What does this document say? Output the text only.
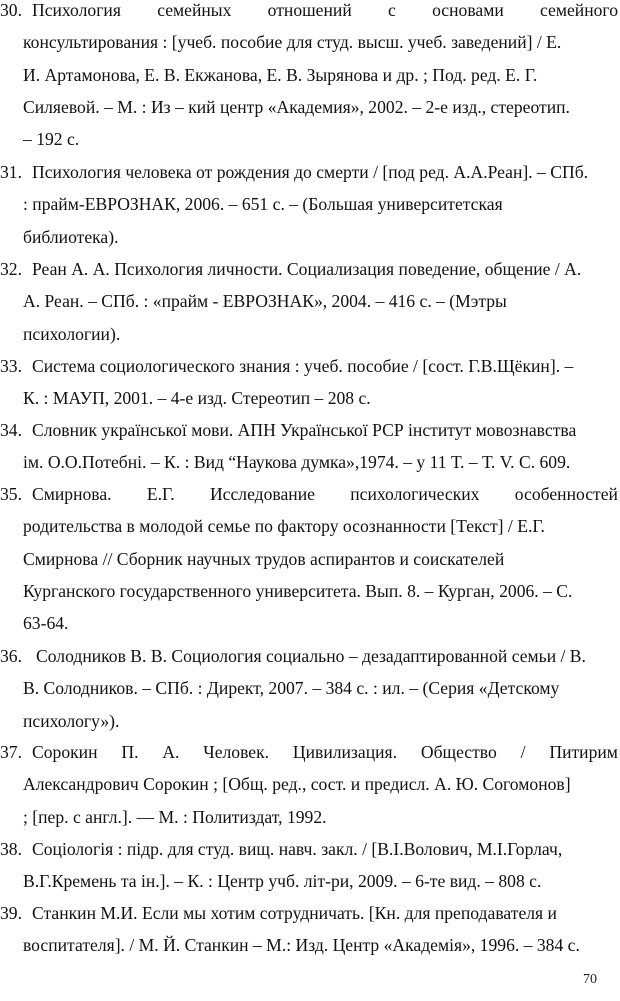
30. Психология семейных отношений с основами семейного
консультирования : [учеб. пособие для студ. высш. учеб. заведений] / Е.
И. Артамонова, Е. В. Екжанова, Е. В. Зырянова и др. ; Под. ред. Е. Г.
Силяевой. – М. : Из – кий центр «Академия», 2002. – 2-е изд., стереотип.
– 192 с.
31. Психология человека от рождения до смерти / [под ред. А.А.Реан]. – СПб.
: прайм-ЕВРОЗНАК, 2006. – 651 с. – (Большая университетская
библиотека).
32. Реан А. А. Психология личности. Социализация поведение, общение / А.
А. Реан. – СПб. : «прайм - ЕВРОЗНАК», 2004. – 416 с. – (Мэтры
психологии).
33. Система социологического знания : учеб. пособие / [сост. Г.В.Щёкин]. –
К. : МАУП, 2001. – 4-е изд. Стереотип – 208 с.
34. Словник української мови. АПН Української РСР інститут мовознавства
ім. О.О.Потебні. – К. : Вид “Наукова думка»,1974. – у 11 Т. – Т. V. С. 609.
35. Смирнова. Е.Г. Исследование психологических особенностей
родительства в молодой семье по фактору осознанности [Текст] / Е.Г.
Смирнова // Сборник научных трудов аспирантов и соискателей
Курганского государственного университета. Вып. 8. – Курган, 2006. – С.
63-64.
36. Солодников В. В. Социология социально – дезадаптированной семьи / В.
В. Солодников. – СПб. : Директ, 2007. – 384 с. : ил. – (Серия «Детскому
психологу»).
37. Сорокин П. А. Человек. Цивилизация. Общество / Питирим
Александрович Сорокин ; [Общ. ред., сост. и предисл. А. Ю. Согомонов]
; [пер. с англ.]. — М. : Политиздат, 1992.
38. Соціологія : підр. для студ. вищ. навч. закл. / [В.І.Волович, М.І.Горлач,
В.Г.Кремень та ін.]. – К. : Центр учб. літ-ри, 2009. – 6-те вид. – 808 с.
39. Станкин М.И. Если мы хотим сотрудничать. [Кн. для преподавателя и
воспитателя]. / М. Й. Станкин – М.: Изд. Центр «Академія», 1996. – 384 с.
70
